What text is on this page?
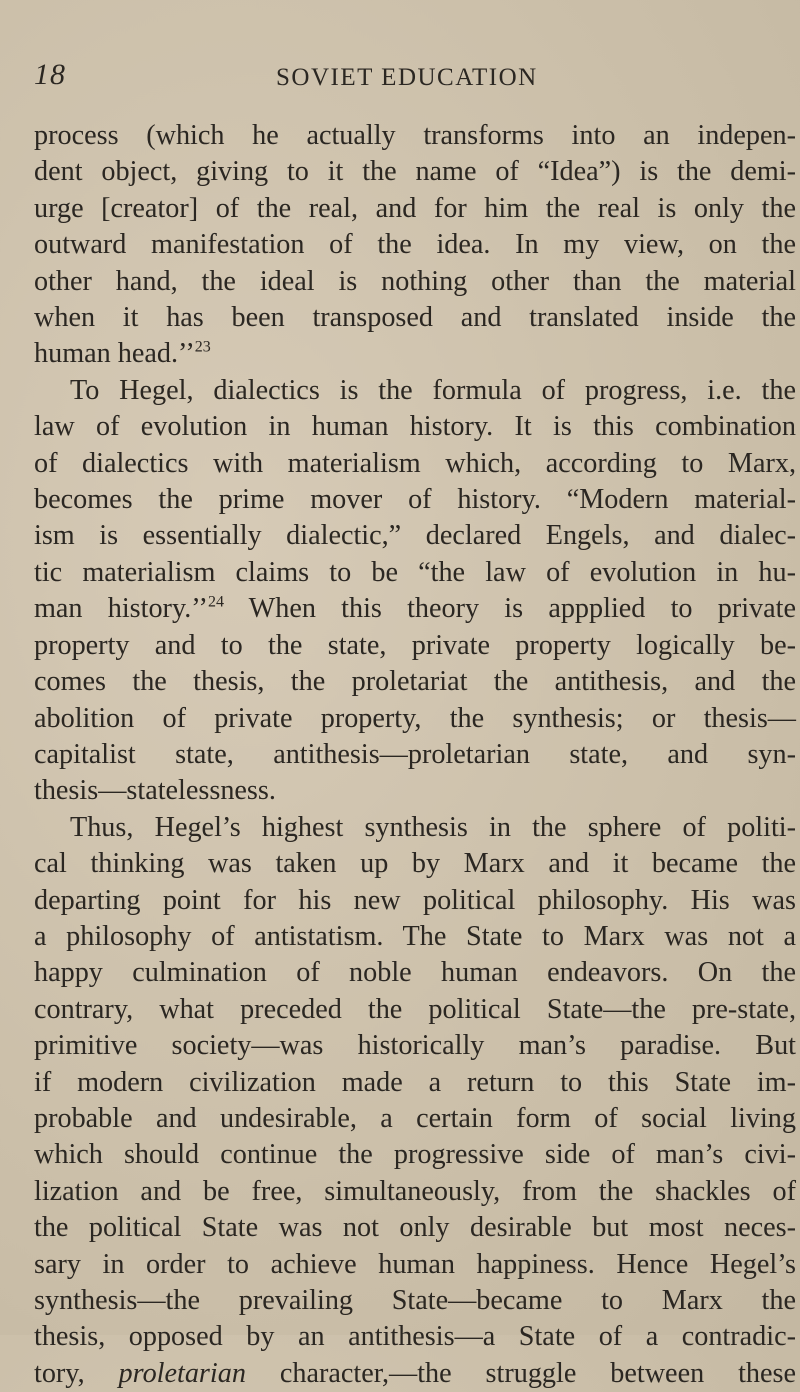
18	SOVIET EDUCATION
process (which he actually transforms into an indepen-
dent object, giving to it the name of “Idea”) is the demi-
urge [creator] of the real, and for him the real is only the
outward manifestation of the idea. In my view, on the
other hand, the ideal is nothing other than the material
when it has been transposed and translated inside the
human head.’’$^{23}$
To Hegel, dialectics is the formula of progress, i.e. the
law of evolution in human history. It is this combination
of dialectics with materialism which, according to Marx,
becomes the prime mover of history. “Modern material-
ism is essentially dialectic,” declared Engels, and dialec-
tic materialism claims to be “the law of evolution in hu-
man history.’’$^{24}$ When this theory is appplied to private
property and to the state, private property logically be-
comes the thesis, the proletariat the antithesis, and the
abolition of private property, the synthesis; or thesis—
capitalist state, antithesis—proletarian state, and syn-
thesis—statelessness.
Thus, Hegel’s highest synthesis in the sphere of politi-
cal thinking was taken up by Marx and it became the
departing point for his new political philosophy. His was
a philosophy of antistatism. The State to Marx was not a
happy culmination of noble human endeavors. On the
contrary, what preceded the political State—the pre-state,
primitive society—was historically man’s paradise. But
if modern civilization made a return to this State im-
probable and undesirable, a certain form of social living
which should continue the progressive side of man’s civi-
lization and be free, simultaneously, from the shackles of
the political State was not only desirable but most neces-
sary in order to achieve human happiness. Hence Hegel’s
synthesis—the prevailing State—became to Marx the
thesis, opposed by an antithesis—a State of a contradic-
tory, proletarian character,—the struggle between these
